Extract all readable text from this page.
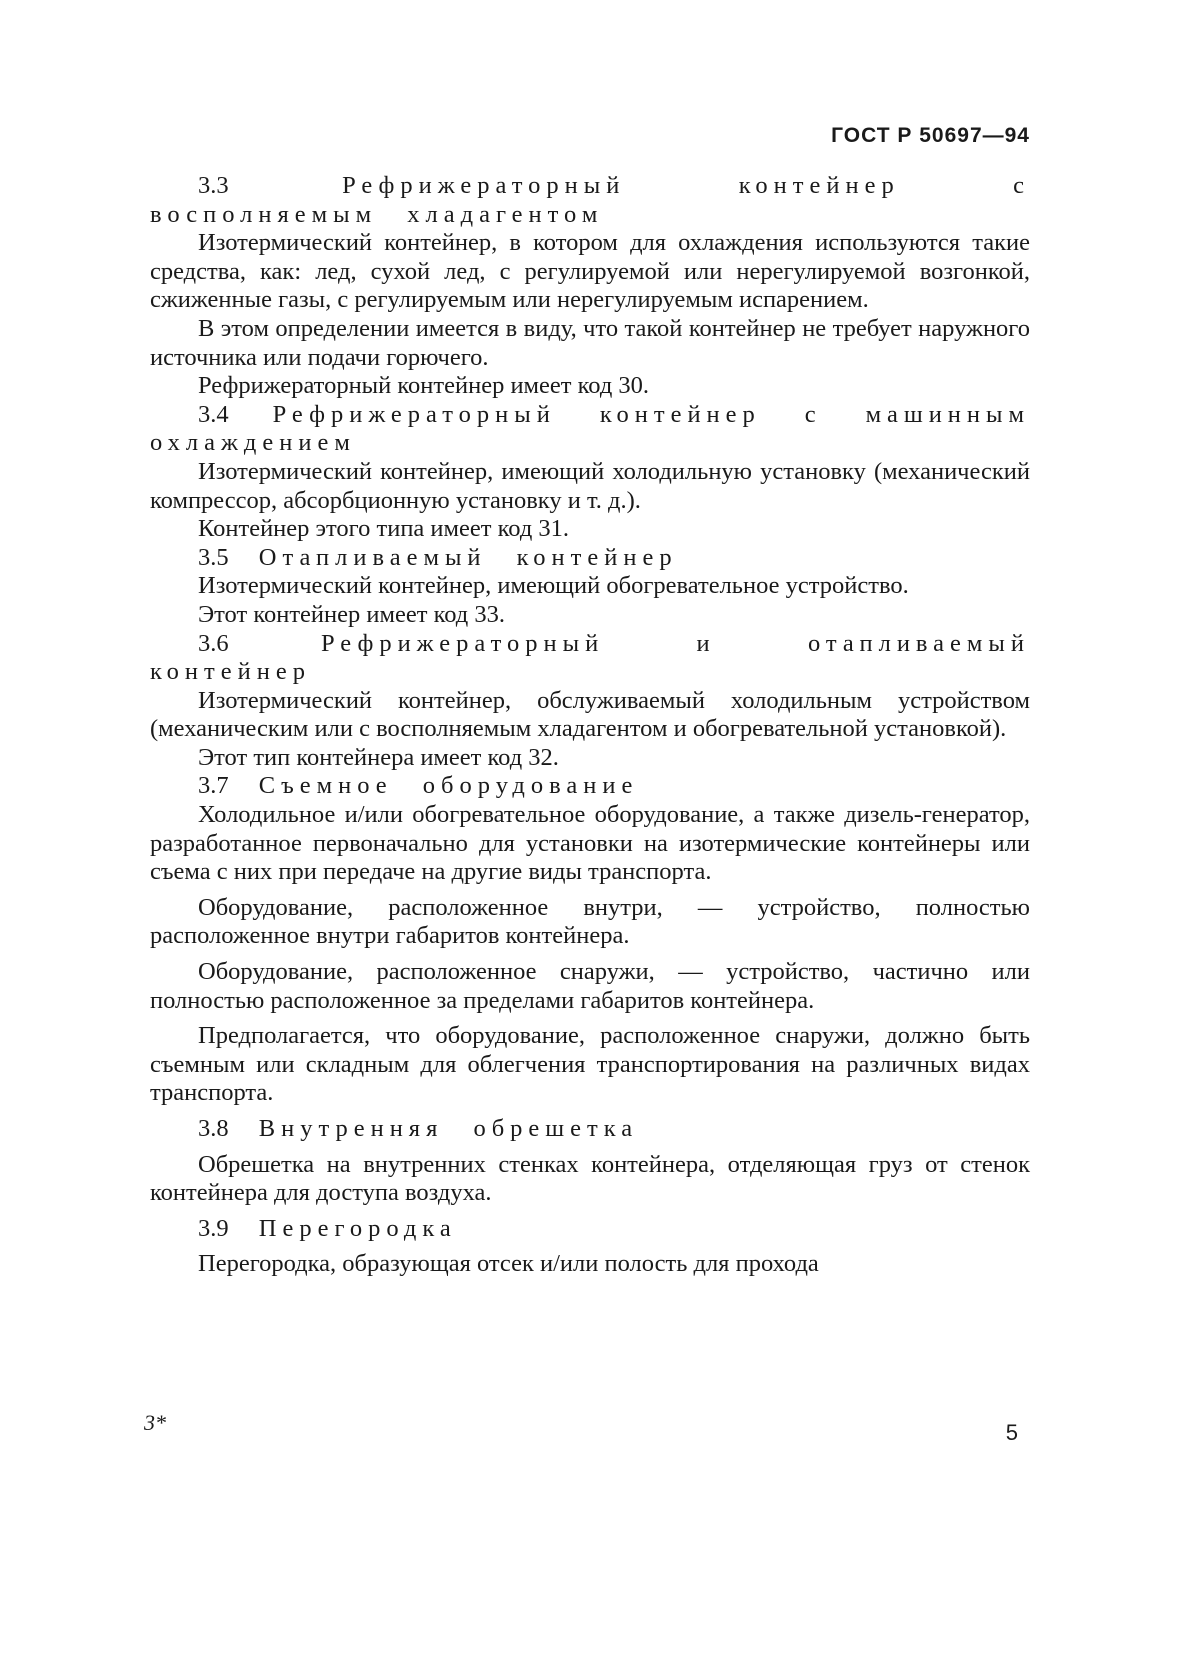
ГОСТ Р 50697—94

3.3	Рефрижераторный контейнер с восполняемым хладагентом

Изотермический контейнер, в котором для охлаждения используются такие средства, как: лед, сухой лед, с регулируемой или нерегулируемой возгонкой, сжиженные газы, с регулируемым или нерегулируемым испарением.

В этом определении имеется в виду, что такой контейнер не требует наружного источника или подачи горючего.

Рефрижераторный контейнер имеет код 30.

3.4 Рефрижераторный контейнер с машинным охлаждением

Изотермический контейнер, имеющий холодильную установку (механический компрессор, абсорбционную установку и т. д.).

Контейнер этого типа имеет код 31.

3.5 Отапливаемый контейнер

Изотермический контейнер, имеющий обогревательное устройство.

Этот контейнер имеет код 33.

3.6	Рефрижераторный и отапливаемый контейнер

Изотермический контейнер, обслуживаемый холодильным устройством (механическим или с восполняемым хладагентом и обогревательной установкой).

Этот тип контейнера имеет код 32.

3.7 Съемное оборудование

Холодильное и/или обогревательное оборудование, а также дизель-генератор, разработанное первоначально для установки на изотермические контейнеры или съема с них при передаче на другие виды транспорта.

Оборудование, расположенное внутри, — устройство, полностью расположенное внутри габаритов контейнера.

Оборудование, расположенное снаружи, — устройство, частично или полностью расположенное за пределами габаритов контейнера.

Предполагается, что оборудование, расположенное снаружи, должно быть съемным или складным для облегчения транспортирования на различных видах транспорта.

3.8 Внутренняя обрешетка

Обрешетка на внутренних стенках контейнера, отделяющая груз от стенок контейнера для доступа воздуха.

3.9 Перегородка

Перегородка, образующая отсек и/или полость для прохода

3*	5
